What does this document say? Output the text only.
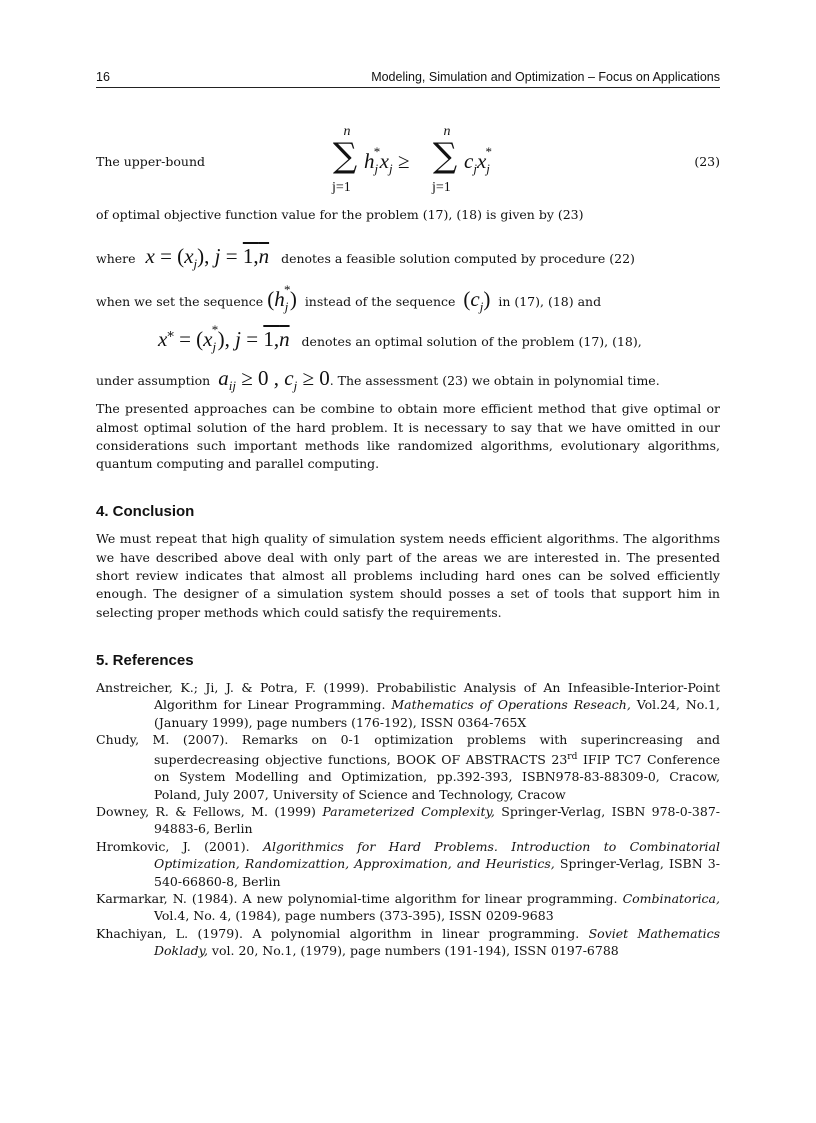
16	Modeling, Simulation and Optimization – Focus on Applications
The upper-bound
n
∑
j=1
$h_j^*x_j$ ≥
n
∑
j=1
$c_jx_j^*$
(23)

of optimal objective function value for the problem (17), (18) is given by (23)

where $x = (x_j)$, j = 1,n denotes a feasible solution computed by procedure (22)
when we set the sequence $(h_j^*)$ instead of the sequence $(c_j)$ in (17), (18) and
$x^* = (x_j^*)$, j = 1,n denotes an optimal solution of the problem (17), (18),
under assumption $a_{ij} \ge 0$ , $c_j \ge 0$. The assessment (23) we obtain in polynomial time.

The presented approaches can be combine to obtain more efficient method that give optimal or almost optimal solution of the hard problem. It is necessary to say that we have omitted in our considerations such important methods like randomized algorithms, evolutionary algorithms, quantum computing and parallel computing.

4. Conclusion

We must repeat that high quality of simulation system needs efficient algorithms. The algorithms we have described above deal with only part of the areas we are interested in. The presented short review indicates that almost all problems including hard ones can be solved efficiently enough. The designer of a simulation system should posses a set of tools that support him in selecting proper methods which could satisfy the requirements.

5. References

Anstreicher, K.; Ji, J. & Potra, F. (1999). Probabilistic Analysis of An Infeasible-Interior-Point Algorithm for Linear Programming. Mathematics of Operations Reseach, Vol.24, No.1, (January 1999), page numbers (176-192), ISSN 0364-765X

Chudy, M. (2007). Remarks on 0-1 optimization problems with superincreasing and superdecreasing objective functions, BOOK OF ABSTRACTS 23rd IFIP TC7 Conference on System Modelling and Optimization, pp.392-393, ISBN978-83-88309-0, Cracow, Poland, July 2007, University of Science and Technology, Cracow

Downey, R. & Fellows, M. (1999) Parameterized Complexity, Springer-Verlag, ISBN 978-0-387-94883-6, Berlin

Hromkovic, J. (2001). Algorithmics for Hard Problems. Introduction to Combinatorial Optimization, Randomizattion, Approximation, and Heuristics, Springer-Verlag, ISBN 3-540-66860-8, Berlin

Karmarkar, N. (1984). A new polynomial-time algorithm for linear programming. Combinatorica, Vol.4, No. 4, (1984), page numbers (373-395), ISSN 0209-9683

Khachiyan, L. (1979). A polynomial algorithm in linear programming. Soviet Mathematics Doklady, vol. 20, No.1, (1979), page numbers (191-194), ISSN 0197-6788
